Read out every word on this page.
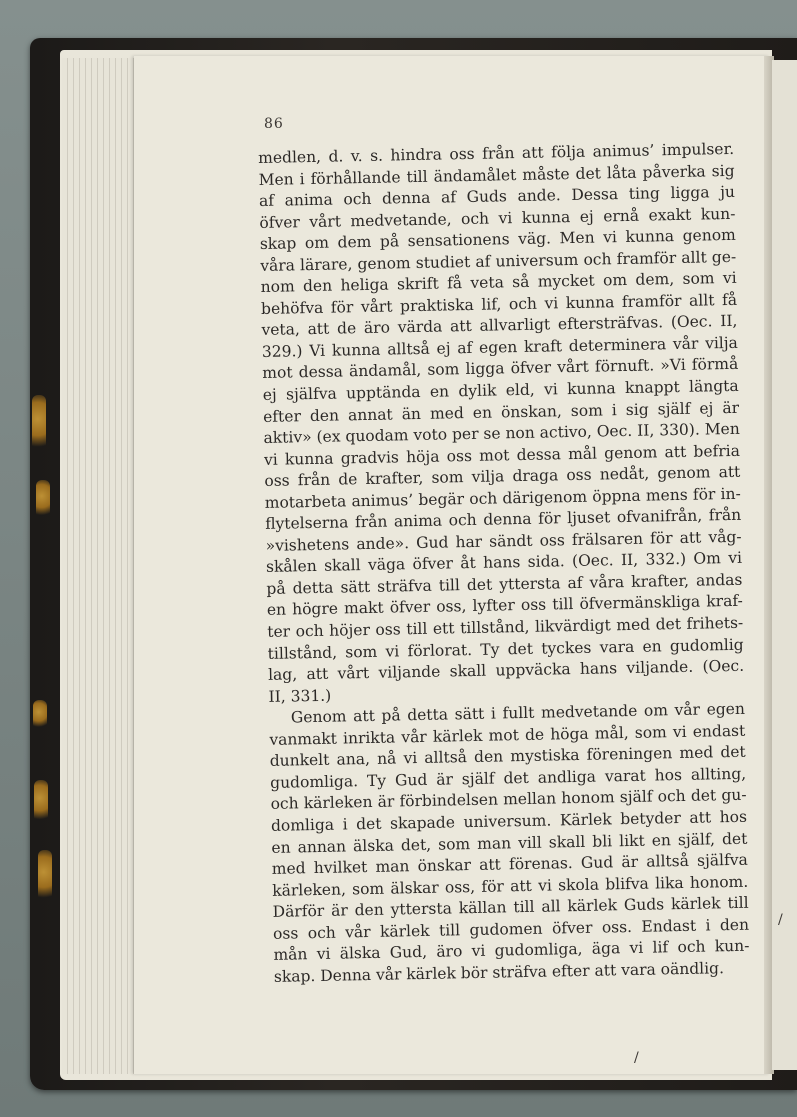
86
medlen, d. v. s. hindra oss från att följa animus’ impulser.
Men i förhållande till ändamålet måste det låta påverka sig
af anima och denna af Guds ande. Dessa ting ligga ju
öfver vårt medvetande, och vi kunna ej ernå exakt kun-
skap om dem på sensationens väg. Men vi kunna genom
våra lärare, genom studiet af universum och framför allt ge-
nom den heliga skrift få veta så mycket om dem, som vi
behöfva för vårt praktiska lif, och vi kunna framför allt få
veta, att de äro värda att allvarligt eftersträfvas. (Oec. II,
329.) Vi kunna alltså ej af egen kraft determinera vår vilja
mot dessa ändamål, som ligga öfver vårt förnuft. »Vi förmå
ej själfva upptända en dylik eld, vi kunna knappt längta
efter den annat än med en önskan, som i sig själf ej är
aktiv» (ex quodam voto per se non activo, Oec. II, 330). Men
vi kunna gradvis höja oss mot dessa mål genom att befria
oss från de krafter, som vilja draga oss nedåt, genom att
motarbeta animus’ begär och därigenom öppna mens för in-
flytelserna från anima och denna för ljuset ofvanifrån, från
»vishetens ande». Gud har sändt oss frälsaren för att våg-
skålen skall väga öfver åt hans sida. (Oec. II, 332.) Om vi
på detta sätt sträfva till det yttersta af våra krafter, andas
en högre makt öfver oss, lyfter oss till öfvermänskliga kraf-
ter och höjer oss till ett tillstånd, likvärdigt med det frihets-
tillstånd, som vi förlorat. Ty det tyckes vara en gudomlig
lag, att vårt viljande skall uppväcka hans viljande. (Oec.
II, 331.)
Genom att på detta sätt i fullt medvetande om vår egen
vanmakt inrikta vår kärlek mot de höga mål, som vi endast
dunkelt ana, nå vi alltså den mystiska föreningen med det
gudomliga. Ty Gud är själf det andliga varat hos allting,
och kärleken är förbindelsen mellan honom själf och det gu-
domliga i det skapade universum. Kärlek betyder att hos
en annan älska det, som man vill skall bli likt en själf, det
med hvilket man önskar att förenas. Gud är alltså själfva
kärleken, som älskar oss, för att vi skola blifva lika honom.
Därför är den yttersta källan till all kärlek Guds kärlek till
oss och vår kärlek till gudomen öfver oss. Endast i den
mån vi älska Gud, äro vi gudomliga, äga vi lif och kun-
skap. Denna vår kärlek bör sträfva efter att vara oändlig.
/
/
